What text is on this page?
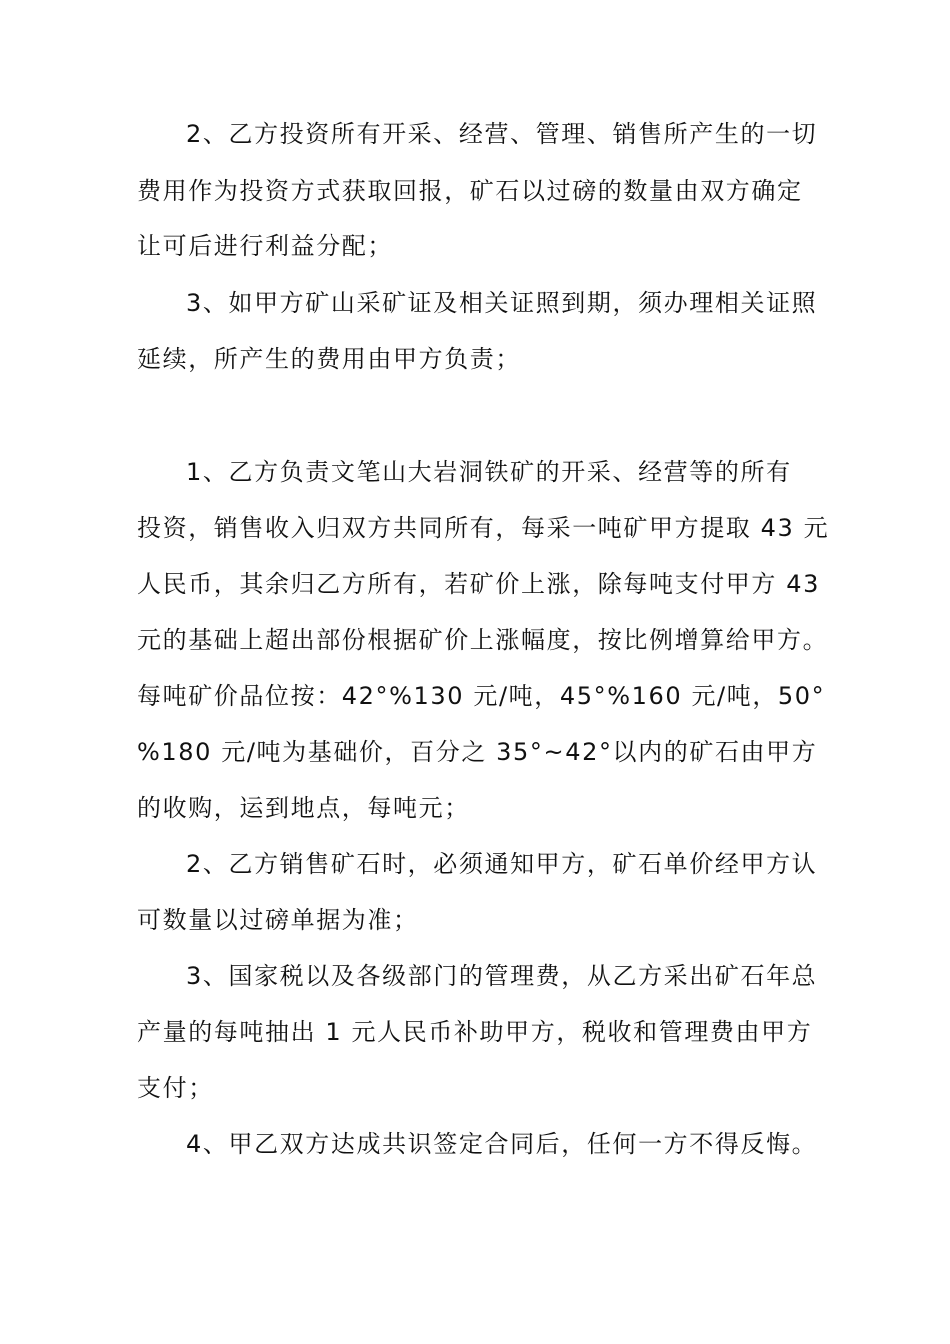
2、乙方投资所有开采、经营、管理、销售所产生的一切

费用作为投资方式获取回报，矿石以过磅的数量由双方确定

让可后进行利益分配；

3、如甲方矿山采矿证及相关证照到期，须办理相关证照

延续，所产生的费用由甲方负责；

1、乙方负责文笔山大岩洞铁矿的开采、经营等的所有

投资，销售收入归双方共同所有，每采一吨矿甲方提取 43 元

人民币，其余归乙方所有，若矿价上涨，除每吨支付甲方 43

元的基础上超出部份根据矿价上涨幅度，按比例增算给甲方。

每吨矿价品位按：42°%130 元/吨，45°%160 元/吨，50°

%180 元/吨为基础价，百分之 35°~42°以内的矿石由甲方

的收购，运到地点，每吨元；

2、乙方销售矿石时，必须通知甲方，矿石单价经甲方认

可数量以过磅单据为准；

3、国家税以及各级部门的管理费，从乙方采出矿石年总

产量的每吨抽出 1 元人民币补助甲方，税收和管理费由甲方

支付；

4、甲乙双方达成共识签定合同后，任何一方不得反悔。
